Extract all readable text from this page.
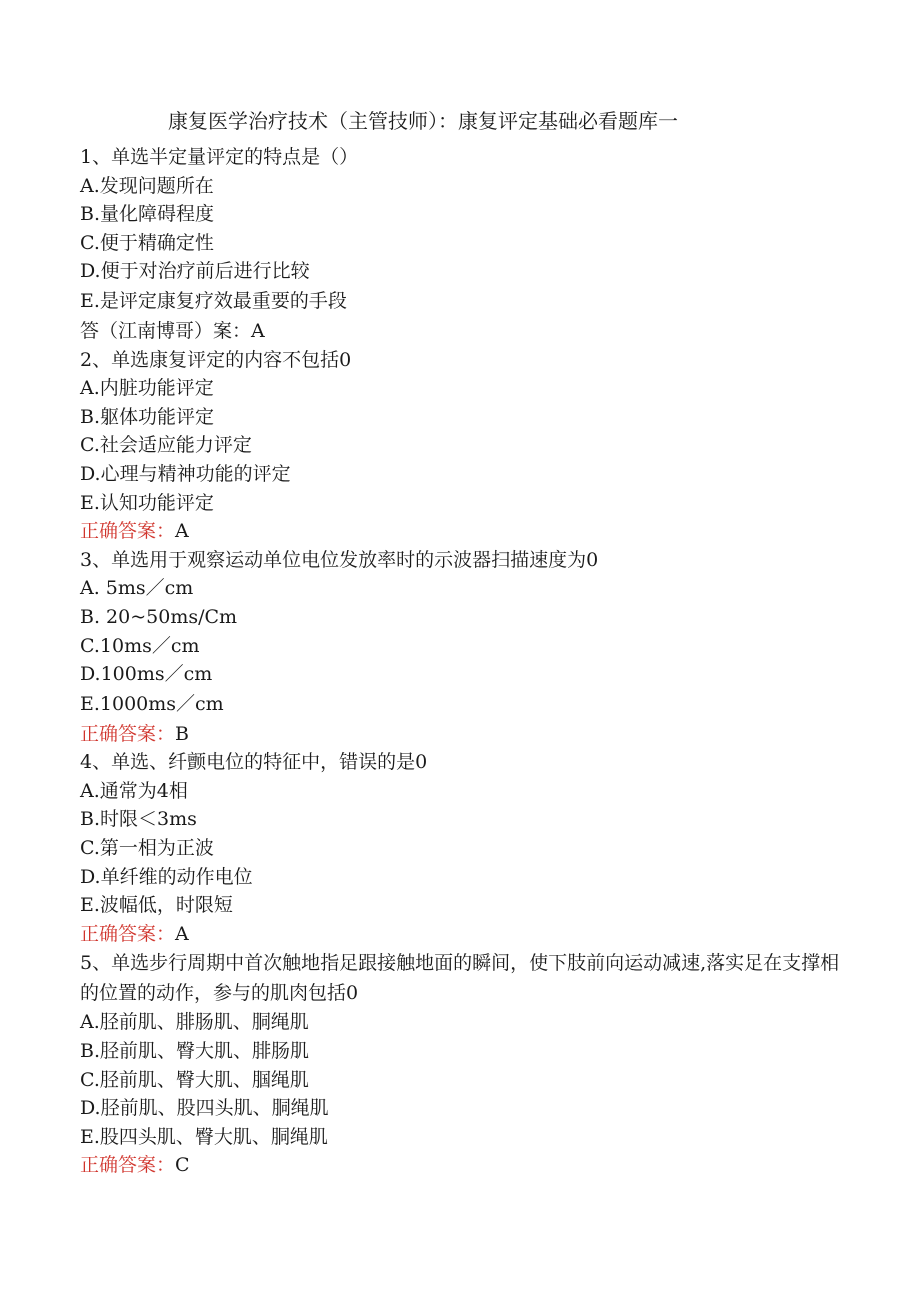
康复医学治疗技术（主管技师）：康复评定基础必看题库一
1、单选半定量评定的特点是（）
A.发现问题所在
B.量化障碍程度
C.便于精确定性
D.便于对治疗前后进行比较
E.是评定康复疗效最重要的手段
答（江南博哥）案：A
2、单选康复评定的内容不包括0
A.内脏功能评定
B.躯体功能评定
C.社会适应能力评定
D.心理与精神功能的评定
E.认知功能评定
正确答案：A
3、单选用于观察运动单位电位发放率时的示波器扫描速度为0
A. 5ms／cm
B. 20~50ms/Cm
C.10ms／cm
D.100ms／cm
E.1000ms／cm
正确答案：B
4、单选、纤颤电位的特征中，错误的是0
A.通常为4相
B.时限＜3ms
C.第一相为正波
D.单纤维的动作电位
E.波幅低，时限短
正确答案：A
5、单选步行周期中首次触地指足跟接触地面的瞬间，使下肢前向运动减速,落实足在支撑相的位置的动作，参与的肌肉包括0
A.胫前肌、腓肠肌、胴绳肌
B.胫前肌、臀大肌、腓肠肌
C.胫前肌、臀大肌、腘绳肌
D.胫前肌、股四头肌、胴绳肌
E.股四头肌、臀大肌、胴绳肌
正确答案：C
